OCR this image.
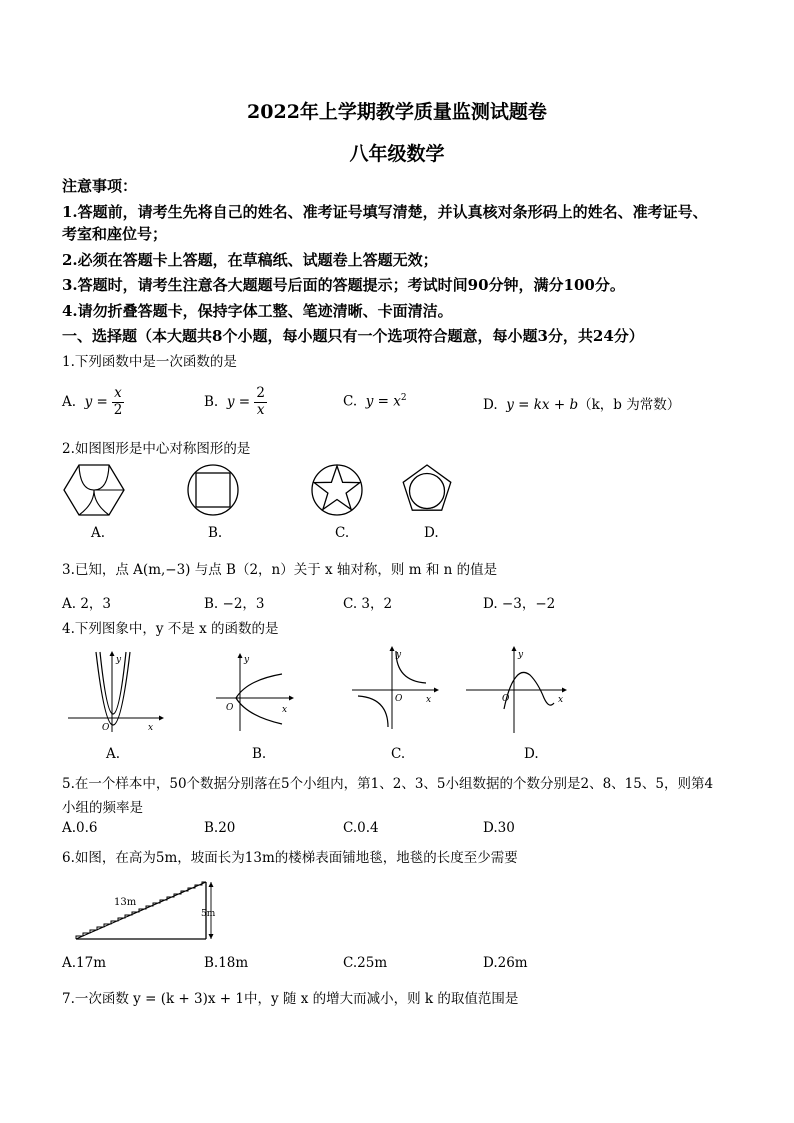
2022年上学期教学质量监测试题卷
八年级数学
注意事项：
1.答题前，请考生先将自己的姓名、准考证号填写清楚，并认真核对条形码上的姓名、准考证号、
考室和座位号；
2.必须在答题卡上答题，在草稿纸、试题卷上答题无效；
3.答题时，请考生注意各大题题号后面的答题提示；考试时间90分钟，满分100分。
4.请勿折叠答题卡，保持字体工整、笔迹清晰、卡面清洁。
一、选择题（本大题共8个小题，每小题只有一个选项符合题意，每小题3分，共24分）
1.下列函数中是一次函数的是
A.
y =
$\frac{x}{2}$	B.
y =
$\frac{2}{x}$	C. $y = x^2$	D. y = kx + b（k，b 为常数）
2.如图图形是中心对称图形的是
A.	B.	C.	D.
3.已知，点 A(m,−3) 与点 B（2，n）关于 x 轴对称，则 m 和 n 的值是
A. 2，3	B. −2，3	C. 3，2	D. −3，−2
4.下列图象中，y 不是 x 的函数的是
y
x
O
y
x
O
y
x
O
y
x
O
A.	B.	C.	D.
5.在一个样本中，50个数据分别落在5个小组内，第1、2、3、5小组数据的个数分别是2、8、15、5，则第4
小组的频率是
A.0.6	B.20	C.0.4	D.30
6.如图，在高为5m，坡面长为13m的楼梯表面铺地毯，地毯的长度至少需要
13m
5m
A.17m	B.18m	C.25m	D.26m
7.一次函数 y = (k + 3)x + 1中，y 随 x 的增大而减小，则 k 的取值范围是
